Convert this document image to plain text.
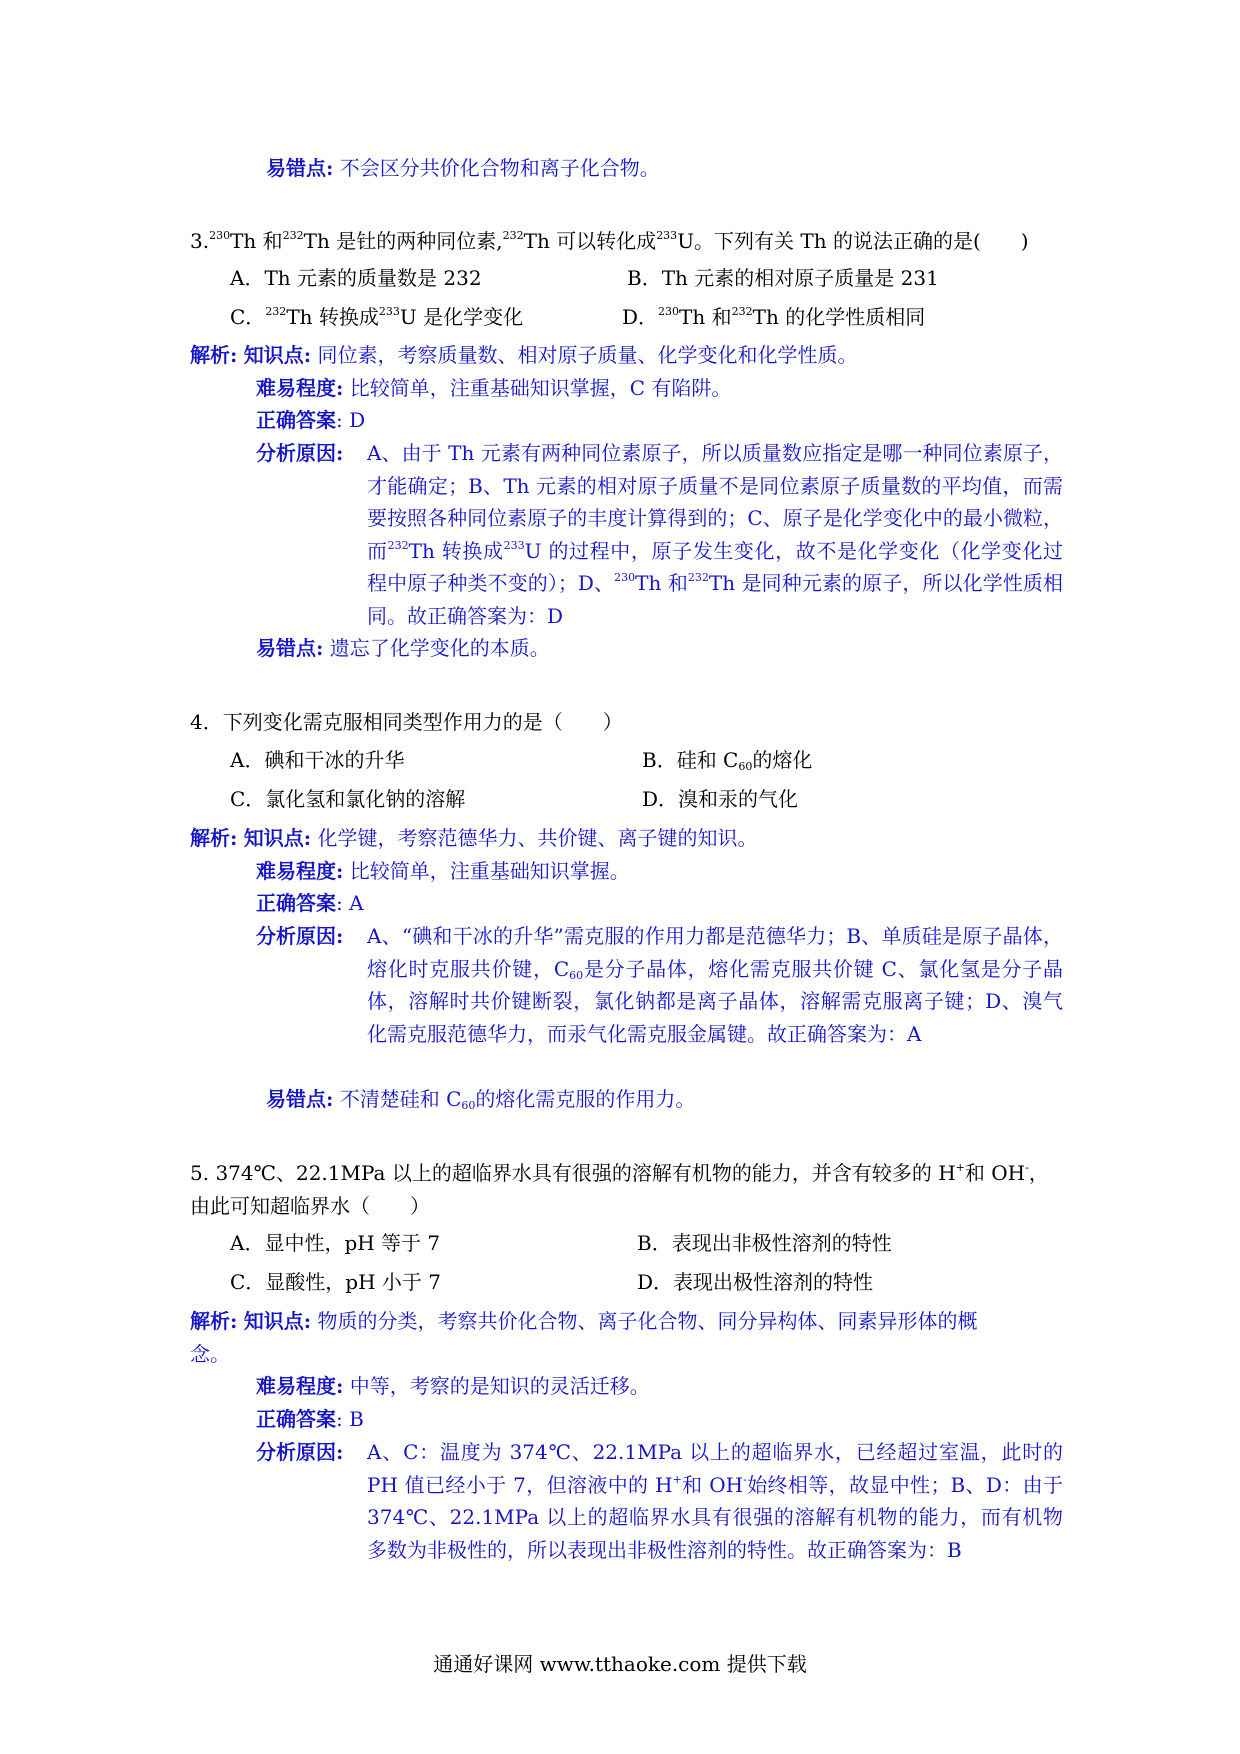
易错点: 不会区分共价化合物和离子化合物。
3.$^{230}$Th 和$^{232}$Th 是钍的两种同位素,$^{232}$Th 可以转化成$^{233}$U。下列有关 Th 的说法正确的是(　　)
A．Th 元素的质量数是 232	B．Th 元素的相对原子质量是 231
C．$^{232}$Th 转换成$^{233}$U 是化学变化	D．$^{230}$Th 和$^{232}$Th 的化学性质相同
解析: 知识点: 同位素，考察质量数、相对原子质量、化学变化和化学性质。
难易程度: 比较简单，注重基础知识掌握，C 有陷阱。
正确答案: D
分析原因: A、由于 Th 元素有两种同位素原子，所以质量数应指定是哪一种同位素原子，才能确定；B、Th 元素的相对原子质量不是同位素原子质量数的平均值，而需要按照各种同位素原子的丰度计算得到的；C、原子是化学变化中的最小微粒，而$^{232}$Th 转换成$^{233}$U 的过程中，原子发生变化，故不是化学变化（化学变化过程中原子种类不变的）；D、$^{230}$Th 和$^{232}$Th 是同种元素的原子，所以化学性质相同。故正确答案为：D
易错点: 遗忘了化学变化的本质。
4．下列变化需克服相同类型作用力的是（　　）
A．碘和干冰的升华	B．硅和 $C_{60}$的熔化
C．氯化氢和氯化钠的溶解	D．溴和汞的气化
解析: 知识点: 化学键，考察范德华力、共价键、离子键的知识。
难易程度: 比较简单，注重基础知识掌握。
正确答案: A
分析原因: A、“碘和干冰的升华”需克服的作用力都是范德华力；B、单质硅是原子晶体，熔化时克服共价键，$C_{60}$是分子晶体，熔化需克服共价键 C、氯化氢是分子晶体，溶解时共价键断裂，氯化钠都是离子晶体，溶解需克服离子键；D、溴气化需克服范德华力，而汞气化需克服金属键。故正确答案为：A
易错点: 不清楚硅和 $C_{60}$的熔化需克服的作用力。
5. 374℃、22.1MPa 以上的超临界水具有很强的溶解有机物的能力，并含有较多的 H+和 OH-，
由此可知超临界水（　　）
A．显中性，pH 等于 7	B．表现出非极性溶剂的特性
C．显酸性，pH 小于 7	D．表现出极性溶剂的特性
解析: 知识点: 物质的分类，考察共价化合物、离子化合物、同分异构体、同素异形体的概
念。
难易程度: 中等，考察的是知识的灵活迁移。
正确答案: B
分析原因: A、C：温度为 374℃、22.1MPa 以上的超临界水，已经超过室温，此时的 PH 值已经小于 7，但溶液中的 H+和 OH-始终相等，故显中性；B、D：由于 374℃、22.1MPa 以上的超临界水具有很强的溶解有机物的能力，而有机物多数为非极性的，所以表现出非极性溶剂的特性。故正确答案为：B
通通好课网 www.tthaoke.com 提供下载
